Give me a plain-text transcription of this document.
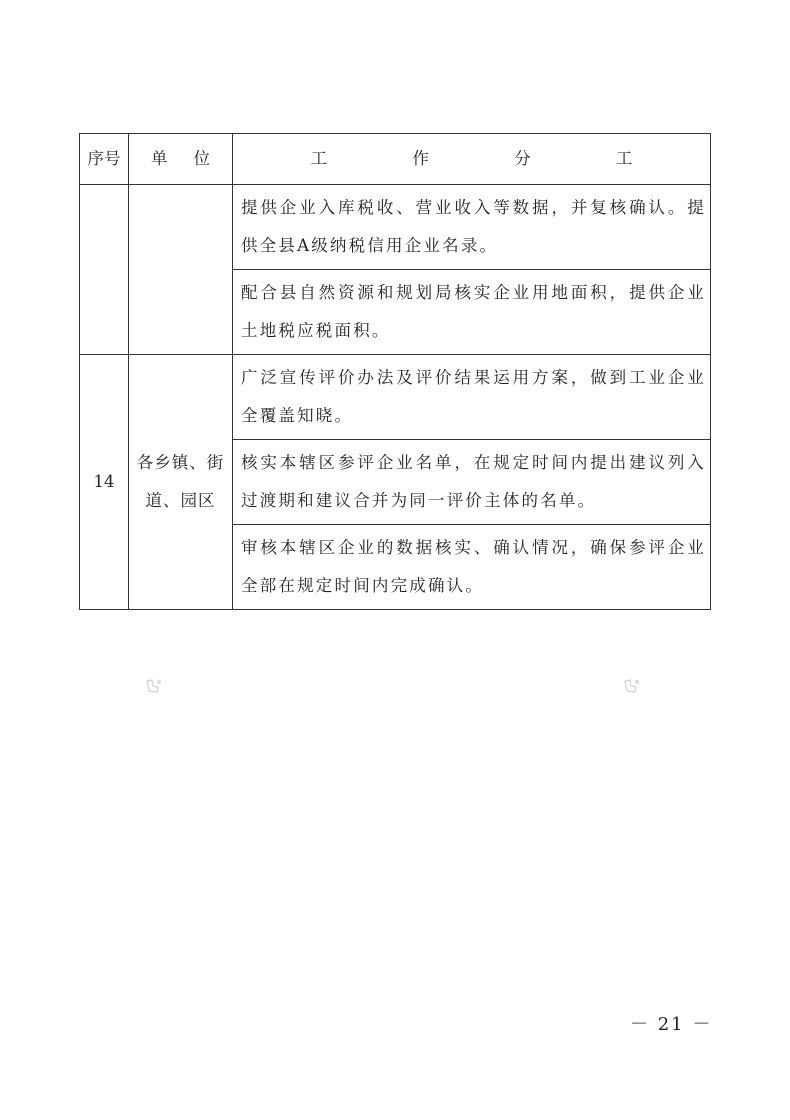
序号	单 位	工 作 分 工
		提供企业入库税收、营业收入等数据，并复核确认。提供全县A级纳税信用企业名录。
		配合县自然资源和规划局核实企业用地面积，提供企业土地税应税面积。
14	各乡镇、街道、园区	广泛宣传评价办法及评价结果运用方案，做到工业企业全覆盖知晓。
		核实本辖区参评企业名单，在规定时间内提出建议列入过渡期和建议合并为同一评价主体的名单。
		审核本辖区企业的数据核实、确认情况，确保参评企业全部在规定时间内完成确认。
－ 21 －
